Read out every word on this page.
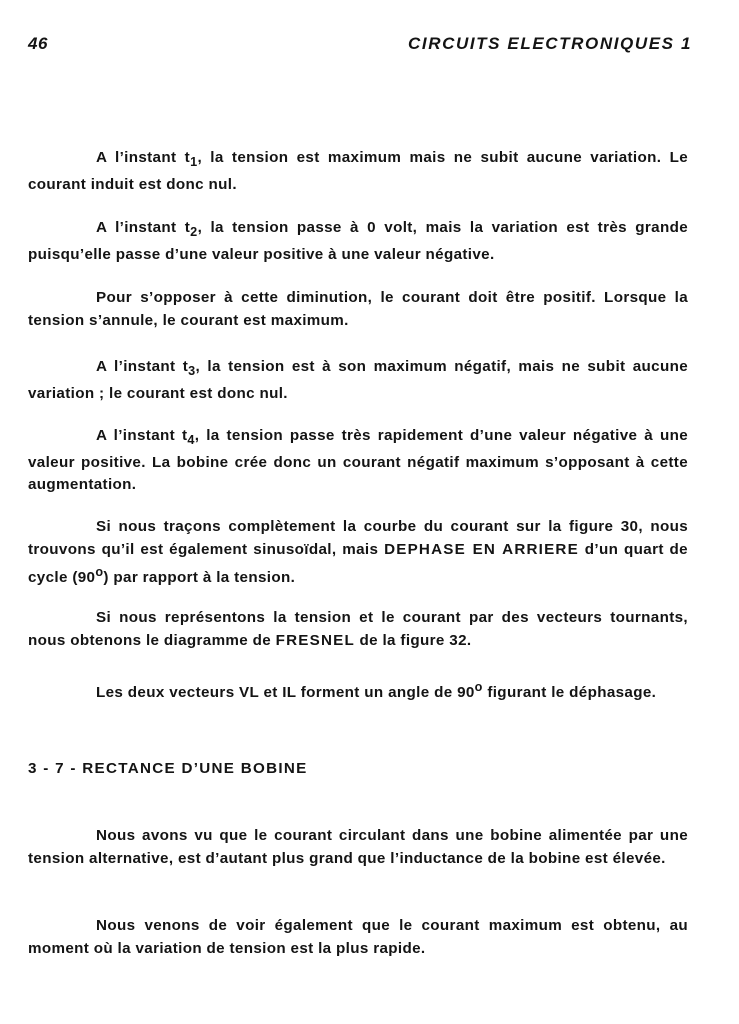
46	CIRCUITS ELECTRONIQUES 1

A l’instant $t_1$, la tension est maximum mais ne subit aucune variation. Le courant induit est donc nul.

A l’instant $t_2$, la tension passe à 0 volt, mais la variation est très grande puisqu’elle passe d’une valeur positive à une valeur négative.

Pour s’opposer à cette diminution, le courant doit être positif. Lorsque la tension s’annule, le courant est maximum.

A l’instant $t_3$, la tension est à son maximum négatif, mais ne subit aucune variation ; le courant est donc nul.

A l’instant $t_4$, la tension passe très rapidement d’une valeur négative à une valeur positive. La bobine crée donc un courant négatif maximum s’opposant à cette augmentation.

Si nous traçons complètement la courbe du courant sur la figure 30, nous trouvons qu’il est également sinusoïdal, mais DEPHASE EN ARRIERE d’un quart de cycle (90$^o$) par rapport à la tension.

Si nous représentons la tension et le courant par des vecteurs tournants, nous obtenons le diagramme de FRESNEL de la figure 32.

Les deux vecteurs VL et IL forment un angle de 90$^o$ figurant le déphasage.

3 - 7 - RECTANCE D’UNE BOBINE

Nous avons vu que le courant circulant dans une bobine alimentée par une tension alternative, est d’autant plus grand que l’inductance de la bobine est élevée.

Nous venons de voir également que le courant maximum est obtenu, au moment où la variation de tension est la plus rapide.
